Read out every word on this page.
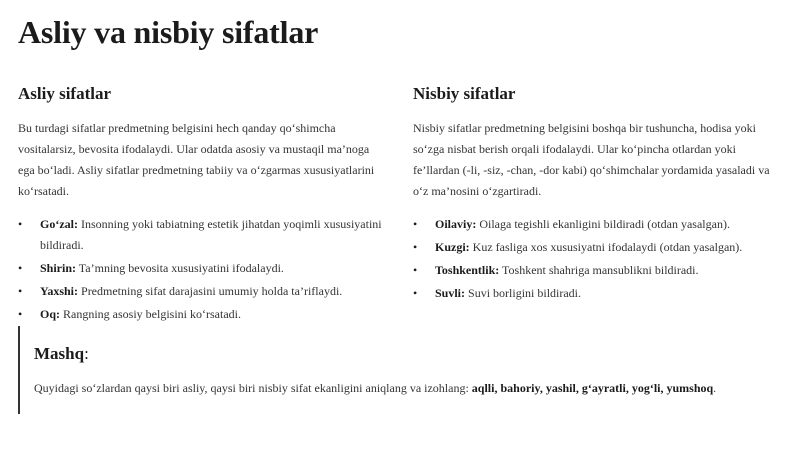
Asliy va nisbiy sifatlar
Asliy sifatlar

Bu turdagi sifatlar predmetning belgisini hech qanday qo‘shimcha vositalarsiz, bevosita ifodalaydi. Ular odatda asosiy va mustaqil ma’noga ega bo‘ladi. Asliy sifatlar predmetning tabiiy va o‘zgarmas xususiyatlarini ko‘rsatadi.

• Go‘zal: Insonning yoki tabiatning estetik jihatdan yoqimli xususiyatini bildiradi.
• Shirin: Ta’mning bevosita xususiyatini ifodalaydi.
• Yaxshi: Predmetning sifat darajasini umumiy holda ta’riflaydi.
• Oq: Rangning asosiy belgisini ko‘rsatadi.
Nisbiy sifatlar

Nisbiy sifatlar predmetning belgisini boshqa bir tushuncha, hodisa yoki so‘zga nisbat berish orqali ifodalaydi. Ular ko‘pincha otlardan yoki fe’llardan (-li, -siz, -chan, -dor kabi) qo‘shimchalar yordamida yasaladi va o‘z ma’nosini o‘zgartiradi.

• Oilaviy: Oilaga tegishli ekanligini bildiradi (otdan yasalgan).
• Kuzgi: Kuz fasliga xos xususiyatni ifodalaydi (otdan yasalgan).
• Toshkentlik: Toshkent shahriga mansublikni bildiradi.
• Suvli: Suvi borligini bildiradi.
Mashq:

Quyidagi so‘zlardan qaysi biri asliy, qaysi biri nisbiy sifat ekanligini aniqlang va izohlang: aqlli, bahoriy, yashil, g‘ayratli, yog‘li, yumshoq.
